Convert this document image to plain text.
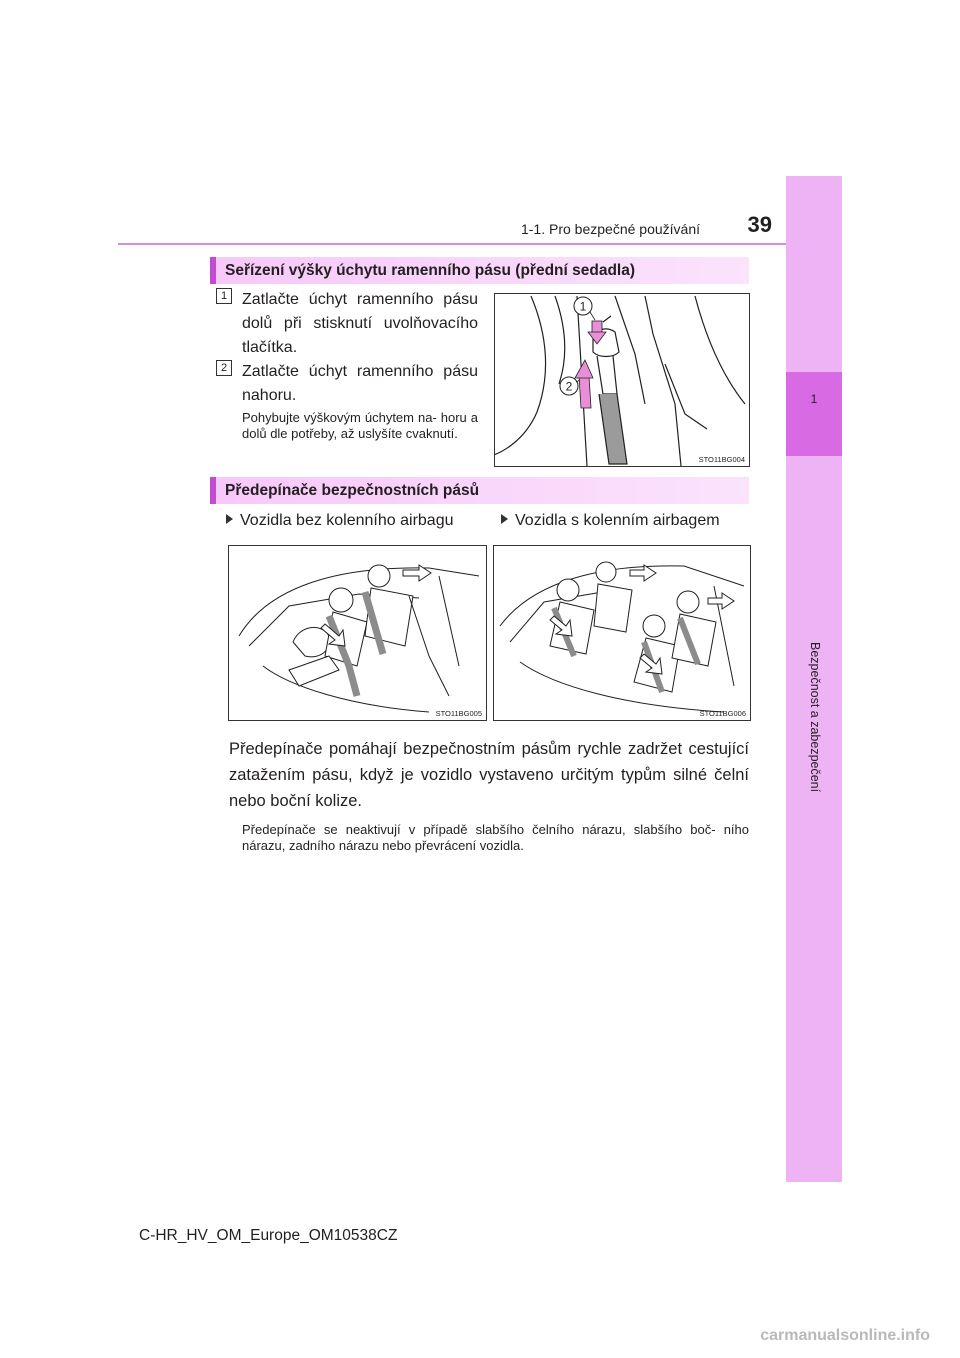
1-1. Pro bezpečné používání	39
1
Bezpečnost a zabezpečení
Seřízení výšky úchytu ramenního pásu (přední sedadla)
1 Zatlačte úchyt ramenního pásu dolů při stisknutí uvolňovacího tlačítka.
2 Zatlačte úchyt ramenního pásu nahoru.
Pohybujte výškovým úchytem na- horu a dolů dle potřeby, až uslyšíte cvaknutí.
1
2
STO11BG004
Předepínače bezpečnostních pásů
Vozidla bez kolenního airbagu	Vozidla s kolenním airbagem
STO11BG005	STO11BG006
Předepínače pomáhají bezpečnostním pásům rychle zadržet cestující zatažením pásu, když je vozidlo vystaveno určitým typům silné čelní nebo boční kolize.
Předepínače se neaktivují v případě slabšího čelního nárazu, slabšího boč- ního nárazu, zadního nárazu nebo převrácení vozidla.
C-HR_HV_OM_Europe_OM10538CZ
carmanualsonline.info
